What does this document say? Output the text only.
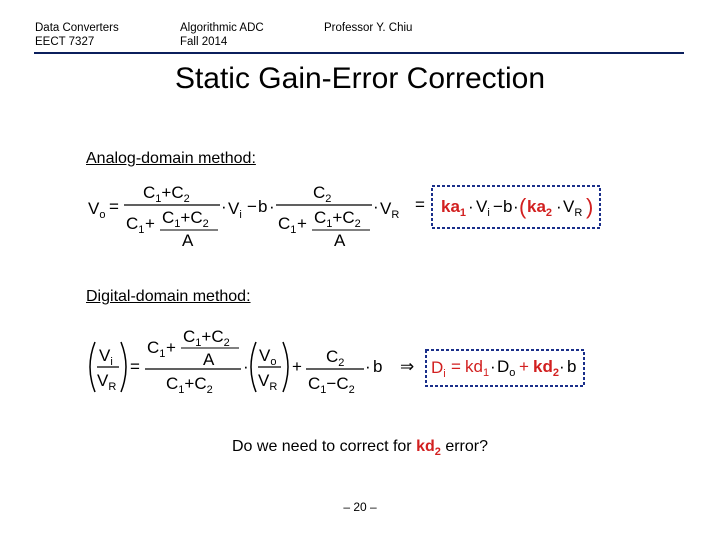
Data Converters
EECT 7327
Algorithmic ADC
Fall 2014
Professor Y. Chiu
Static Gain-Error Correction
Analog-domain method:
$V_o$ =
$C_1+C_2$
$C_1 + C_1+C_2$
A
· $V_i - b$ ·
$C_2$
$C_1 + C_1+C_2$
A
· $V_R$
= $ka_1 \cdot V_i - b$ · ( $ka_2 \cdot V_R$ )
Digital-domain method:
$V_i$
$V_R$
=
$C_1$ +
$C_1+C_2$
A
$C_1+C_2$
·
$V_o$
$V_R$
+
$C_2$
$C_1-C_2$
· b ⇒ $D_i = kd_1 \cdot D_o + kd_2 \cdot b$
Do we need to correct for $kd_2$ error?
– 20 –
